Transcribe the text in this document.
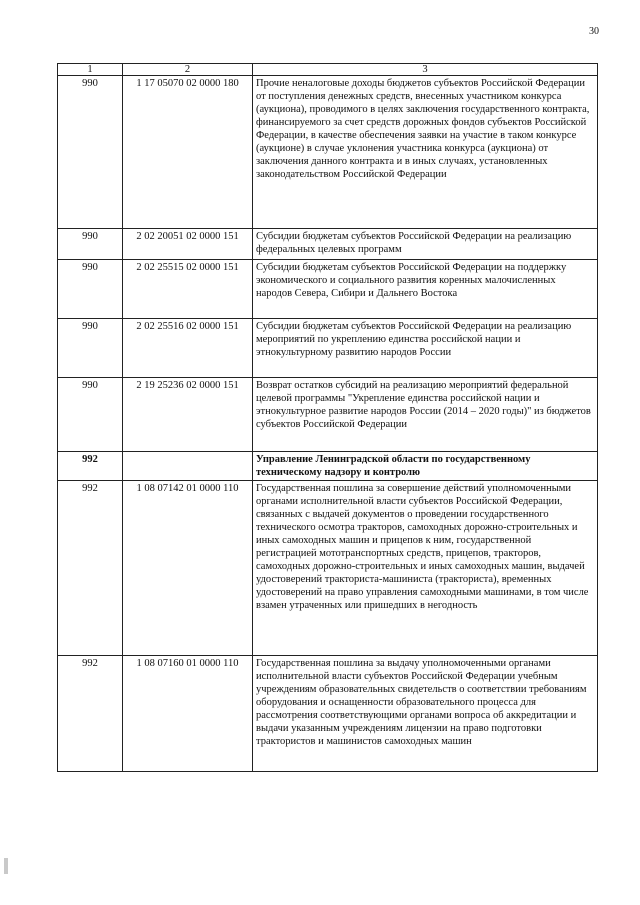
30
1	2	3
990	1 17 05070 02 0000 180	Прочие неналоговые доходы бюджетов субъектов Российской Федерации от поступления денежных средств, внесенных участником конкурса (аукциона), проводимого в целях заключения государственного контракта, финансируемого за счет средств дорожных фондов субъектов Российской Федерации, в качестве обеспечения заявки на участие в таком конкурсе (аукционе) в случае уклонения участника конкурса (аукциона) от заключения данного контракта и в иных случаях, установленных законодательством Российской Федерации
990	2 02 20051 02 0000 151	Субсидии бюджетам субъектов Российской Федерации на реализацию федеральных целевых программ
990	2 02 25515 02 0000 151	Субсидии бюджетам субъектов Российской Федерации на поддержку экономического и социального развития коренных малочисленных народов Севера, Сибири и Дальнего Востока
990	2 02 25516 02 0000 151	Субсидии бюджетам субъектов Российской Федерации на реализацию мероприятий по укреплению единства российской нации и этнокультурному развитию народов России
990	2 19 25236 02 0000 151	Возврат остатков субсидий на реализацию мероприятий федеральной целевой программы "Укрепление единства российской нации и этнокультурное развитие народов России (2014 – 2020 годы)" из бюджетов субъектов Российской Федерации
992		Управление Ленинградской области по государственному техническому надзору и контролю
992	1 08 07142 01 0000 110	Государственная пошлина за совершение действий уполномоченными органами исполнительной власти субъектов Российской Федерации, связанных с выдачей документов о проведении государственного технического осмотра тракторов, самоходных дорожно-строительных и иных самоходных машин и прицепов к ним, государственной регистрацией мототранспортных средств, прицепов, тракторов, самоходных дорожно-строительных и иных самоходных машин, выдачей удостоверений тракториста-машиниста (тракториста), временных удостоверений на право управления самоходными машинами, в том числе взамен утраченных или пришедших в негодность
992	1 08 07160 01 0000 110	Государственная пошлина за выдачу уполномоченными органами исполнительной власти субъектов Российской Федерации учебным учреждениям образовательных свидетельств о соответствии требованиям оборудования и оснащенности образовательного процесса для рассмотрения соответствующими органами вопроса об аккредитации и выдачи указанным учреждениям лицензии на право подготовки трактористов и машинистов самоходных машин
